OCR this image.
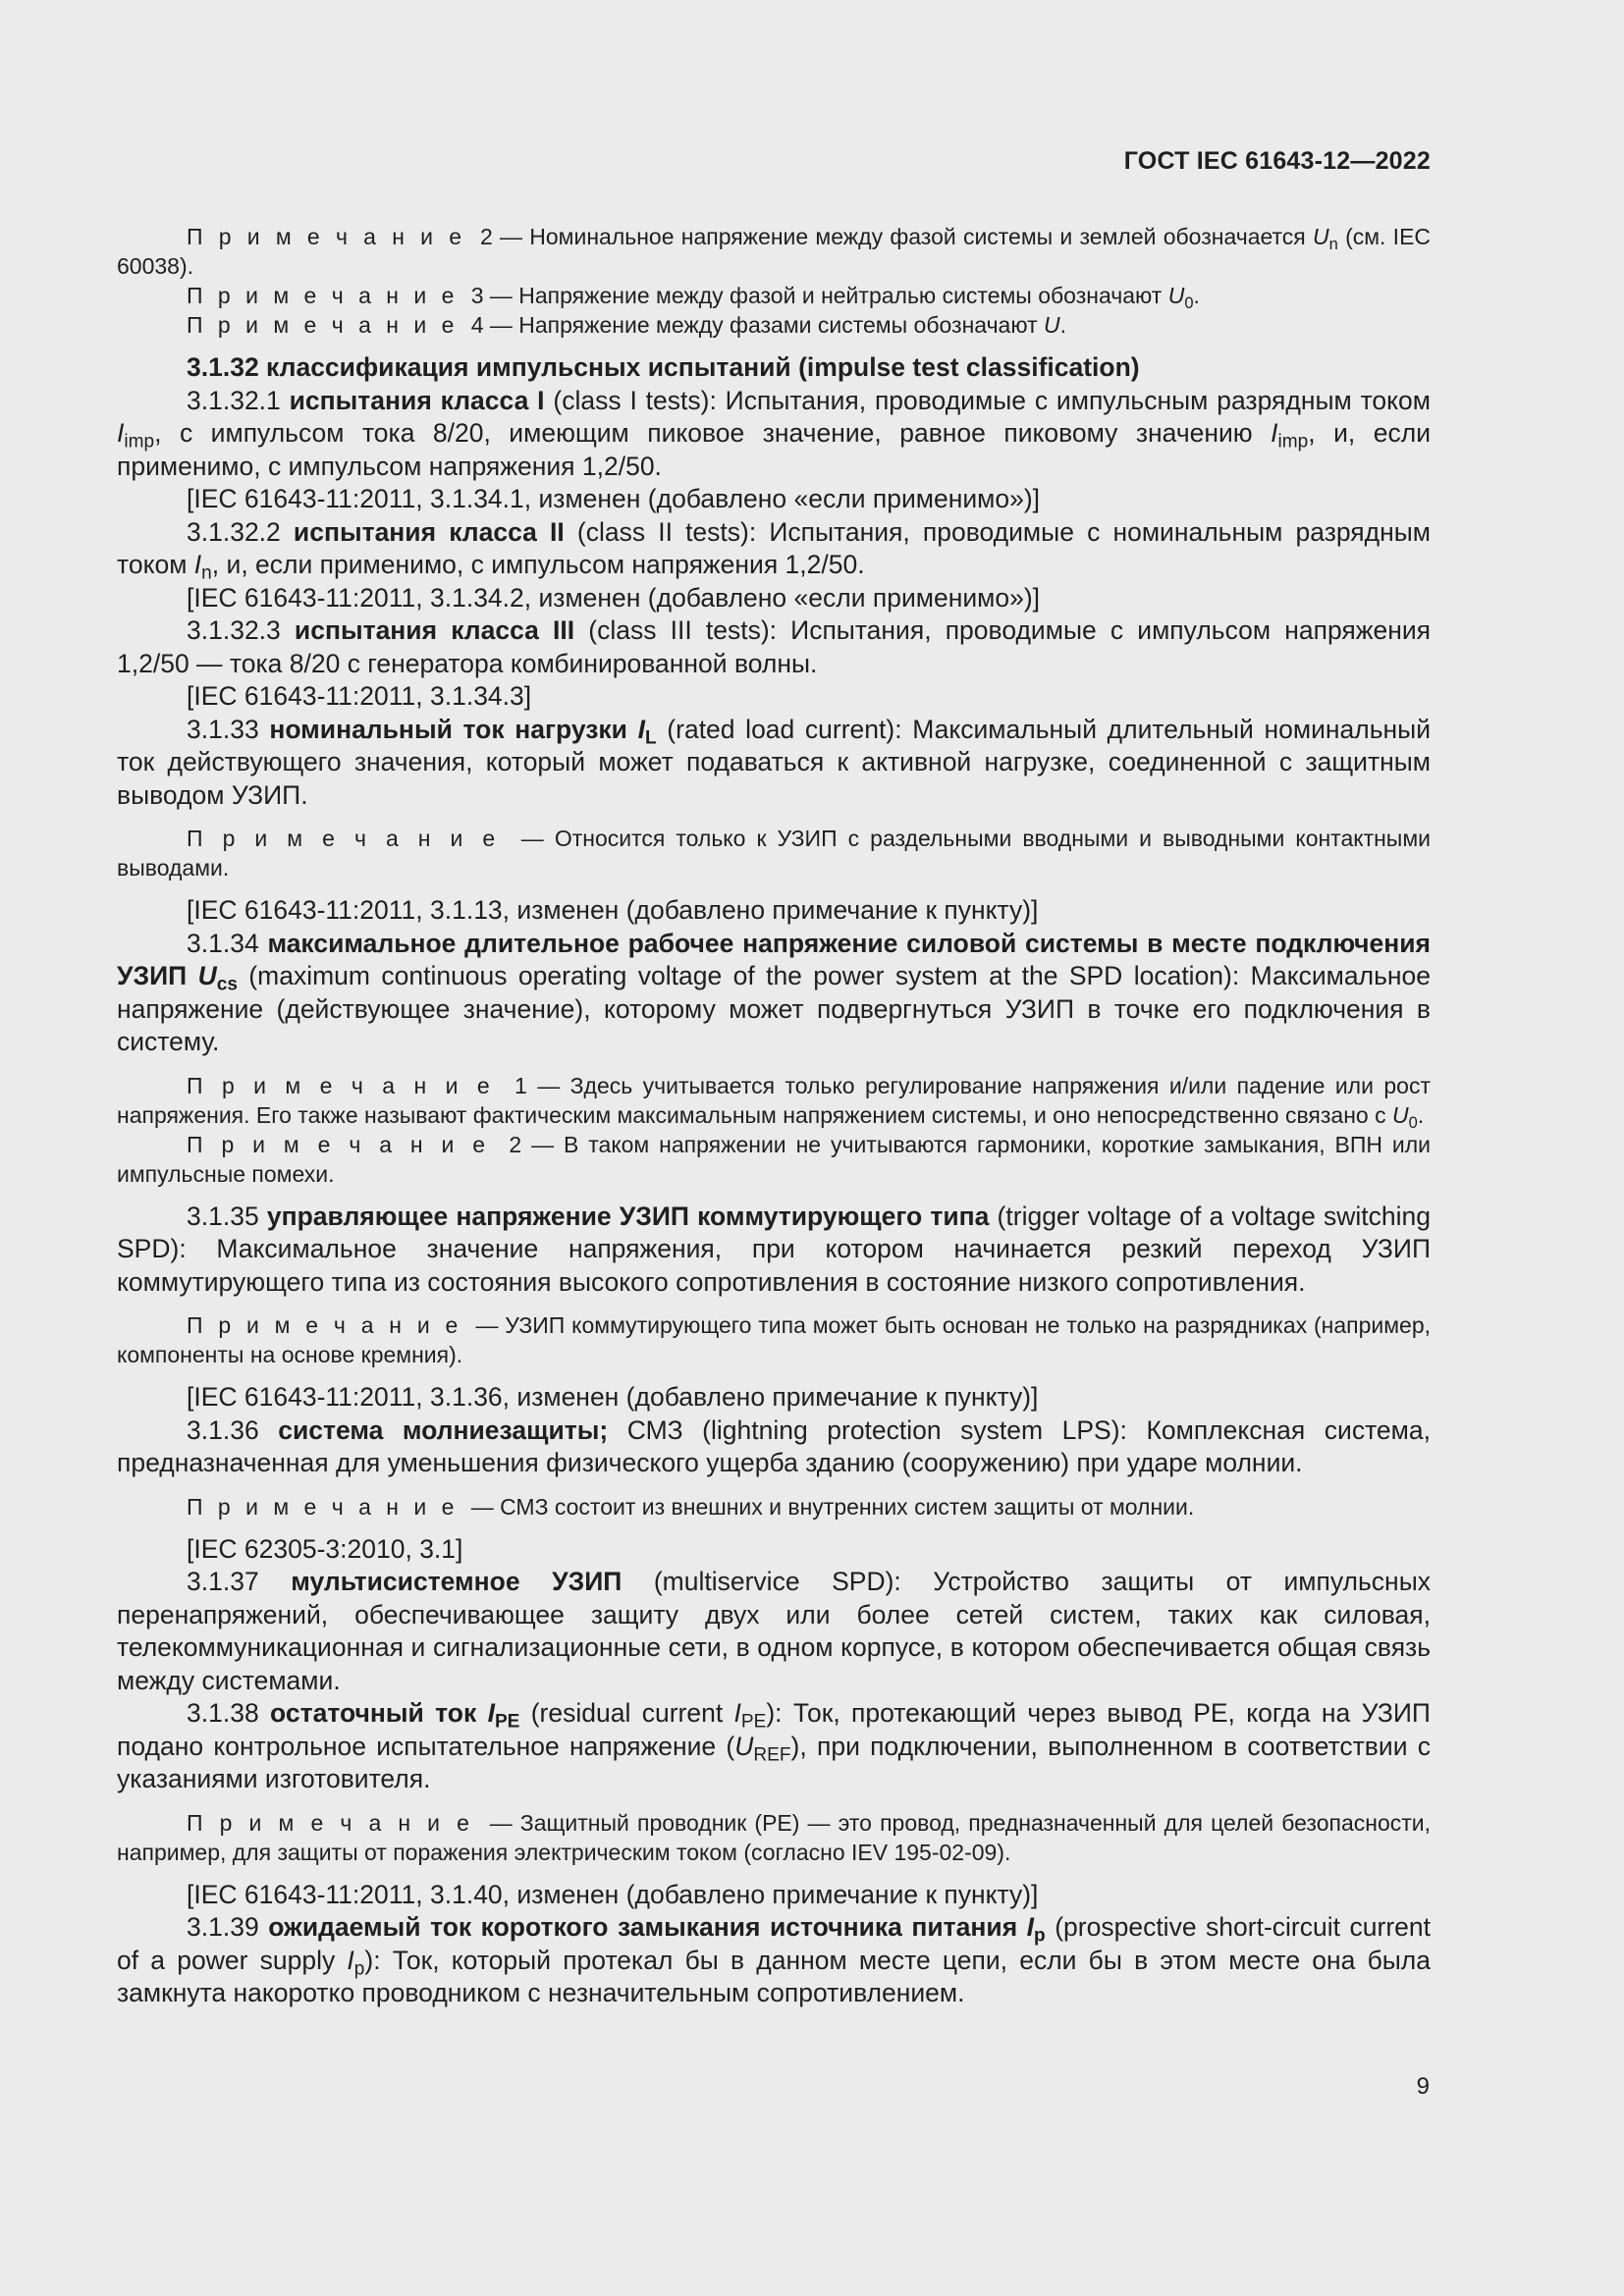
ГОСТ IEC 61643-12—2022

П р и м е ч а н и е 2 — Номинальное напряжение между фазой системы и землей обозначается $U_n$ (см. IEC 60038).

П р и м е ч а н и е 3 — Напряжение между фазой и нейтралью системы обозначают $U_0$.

П р и м е ч а н и е 4 — Напряжение между фазами системы обозначают U.

3.1.32 классификация импульсных испытаний (impulse test classification)

3.1.32.1 испытания класса I (class I tests): Испытания, проводимые с импульсным разрядным током $I_{imp}$, с импульсом тока 8/20, имеющим пиковое значение, равное пиковому значению $I_{imp}$, и, если применимо, с импульсом напряжения 1,2/50.

[IEC 61643-11:2011, 3.1.34.1, изменен (добавлено «если применимо»)]

3.1.32.2 испытания класса II (class II tests): Испытания, проводимые с номинальным разрядным током $I_n$, и, если применимо, с импульсом напряжения 1,2/50.

[IEC 61643-11:2011, 3.1.34.2, изменен (добавлено «если применимо»)]

3.1.32.3 испытания класса III (class III tests): Испытания, проводимые с импульсом напряжения 1,2/50 — тока 8/20 с генератора комбинированной волны.

[IEC 61643-11:2011, 3.1.34.3]

3.1.33 номинальный ток нагрузки $I_L$ (rated load current): Максимальный длительный номинальный ток действующего значения, который может подаваться к активной нагрузке, соединенной с защитным выводом УЗИП.

П р и м е ч а н и е — Относится только к УЗИП с раздельными вводными и выводными контактными выводами.

[IEC 61643-11:2011, 3.1.13, изменен (добавлено примечание к пункту)]

3.1.34 максимальное длительное рабочее напряжение силовой системы в месте подключения УЗИП $U_{cs}$ (maximum continuous operating voltage of the power system at the SPD location): Максимальное напряжение (действующее значение), которому может подвергнуться УЗИП в точке его подключения в систему.

П р и м е ч а н и е 1 — Здесь учитывается только регулирование напряжения и/или падение или рост напряжения. Его также называют фактическим максимальным напряжением системы, и оно непосредственно связано с $U_0$.

П р и м е ч а н и е 2 — В таком напряжении не учитываются гармоники, короткие замыкания, ВПН или импульсные помехи.

3.1.35 управляющее напряжение УЗИП коммутирующего типа (trigger voltage of a voltage switching SPD): Максимальное значение напряжения, при котором начинается резкий переход УЗИП коммутирующего типа из состояния высокого сопротивления в состояние низкого сопротивления.

П р и м е ч а н и е — УЗИП коммутирующего типа может быть основан не только на разрядниках (например, компоненты на основе кремния).

[IEC 61643-11:2011, 3.1.36, изменен (добавлено примечание к пункту)]

3.1.36 система молниезащиты; СМЗ (lightning protection system LPS): Комплексная система, предназначенная для уменьшения физического ущерба зданию (сооружению) при ударе молнии.

П р и м е ч а н и е — СМЗ состоит из внешних и внутренних систем защиты от молнии.

[IEC 62305-3:2010, 3.1]

3.1.37 мультисистемное УЗИП (multiservice SPD): Устройство защиты от импульсных перенапряжений, обеспечивающее защиту двух или более сетей систем, таких как силовая, телекоммуникационная и сигнализационные сети, в одном корпусе, в котором обеспечивается общая связь между системами.

3.1.38 остаточный ток $I_{PE}$ (residual current $I_{PE}$): Ток, протекающий через вывод PE, когда на УЗИП подано контрольное испытательное напряжение $(U_{REF})$, при подключении, выполненном в соответствии с указаниями изготовителя.

П р и м е ч а н и е — Защитный проводник (PE) — это провод, предназначенный для целей безопасности, например, для защиты от поражения электрическим током (согласно IEV 195-02-09).

[IEC 61643-11:2011, 3.1.40, изменен (добавлено примечание к пункту)]

3.1.39 ожидаемый ток короткого замыкания источника питания $I_p$ (prospective short-circuit current of a power supply $I_p$): Ток, который протекал бы в данном месте цепи, если бы в этом месте она была замкнута накоротко проводником с незначительным сопротивлением.

9
